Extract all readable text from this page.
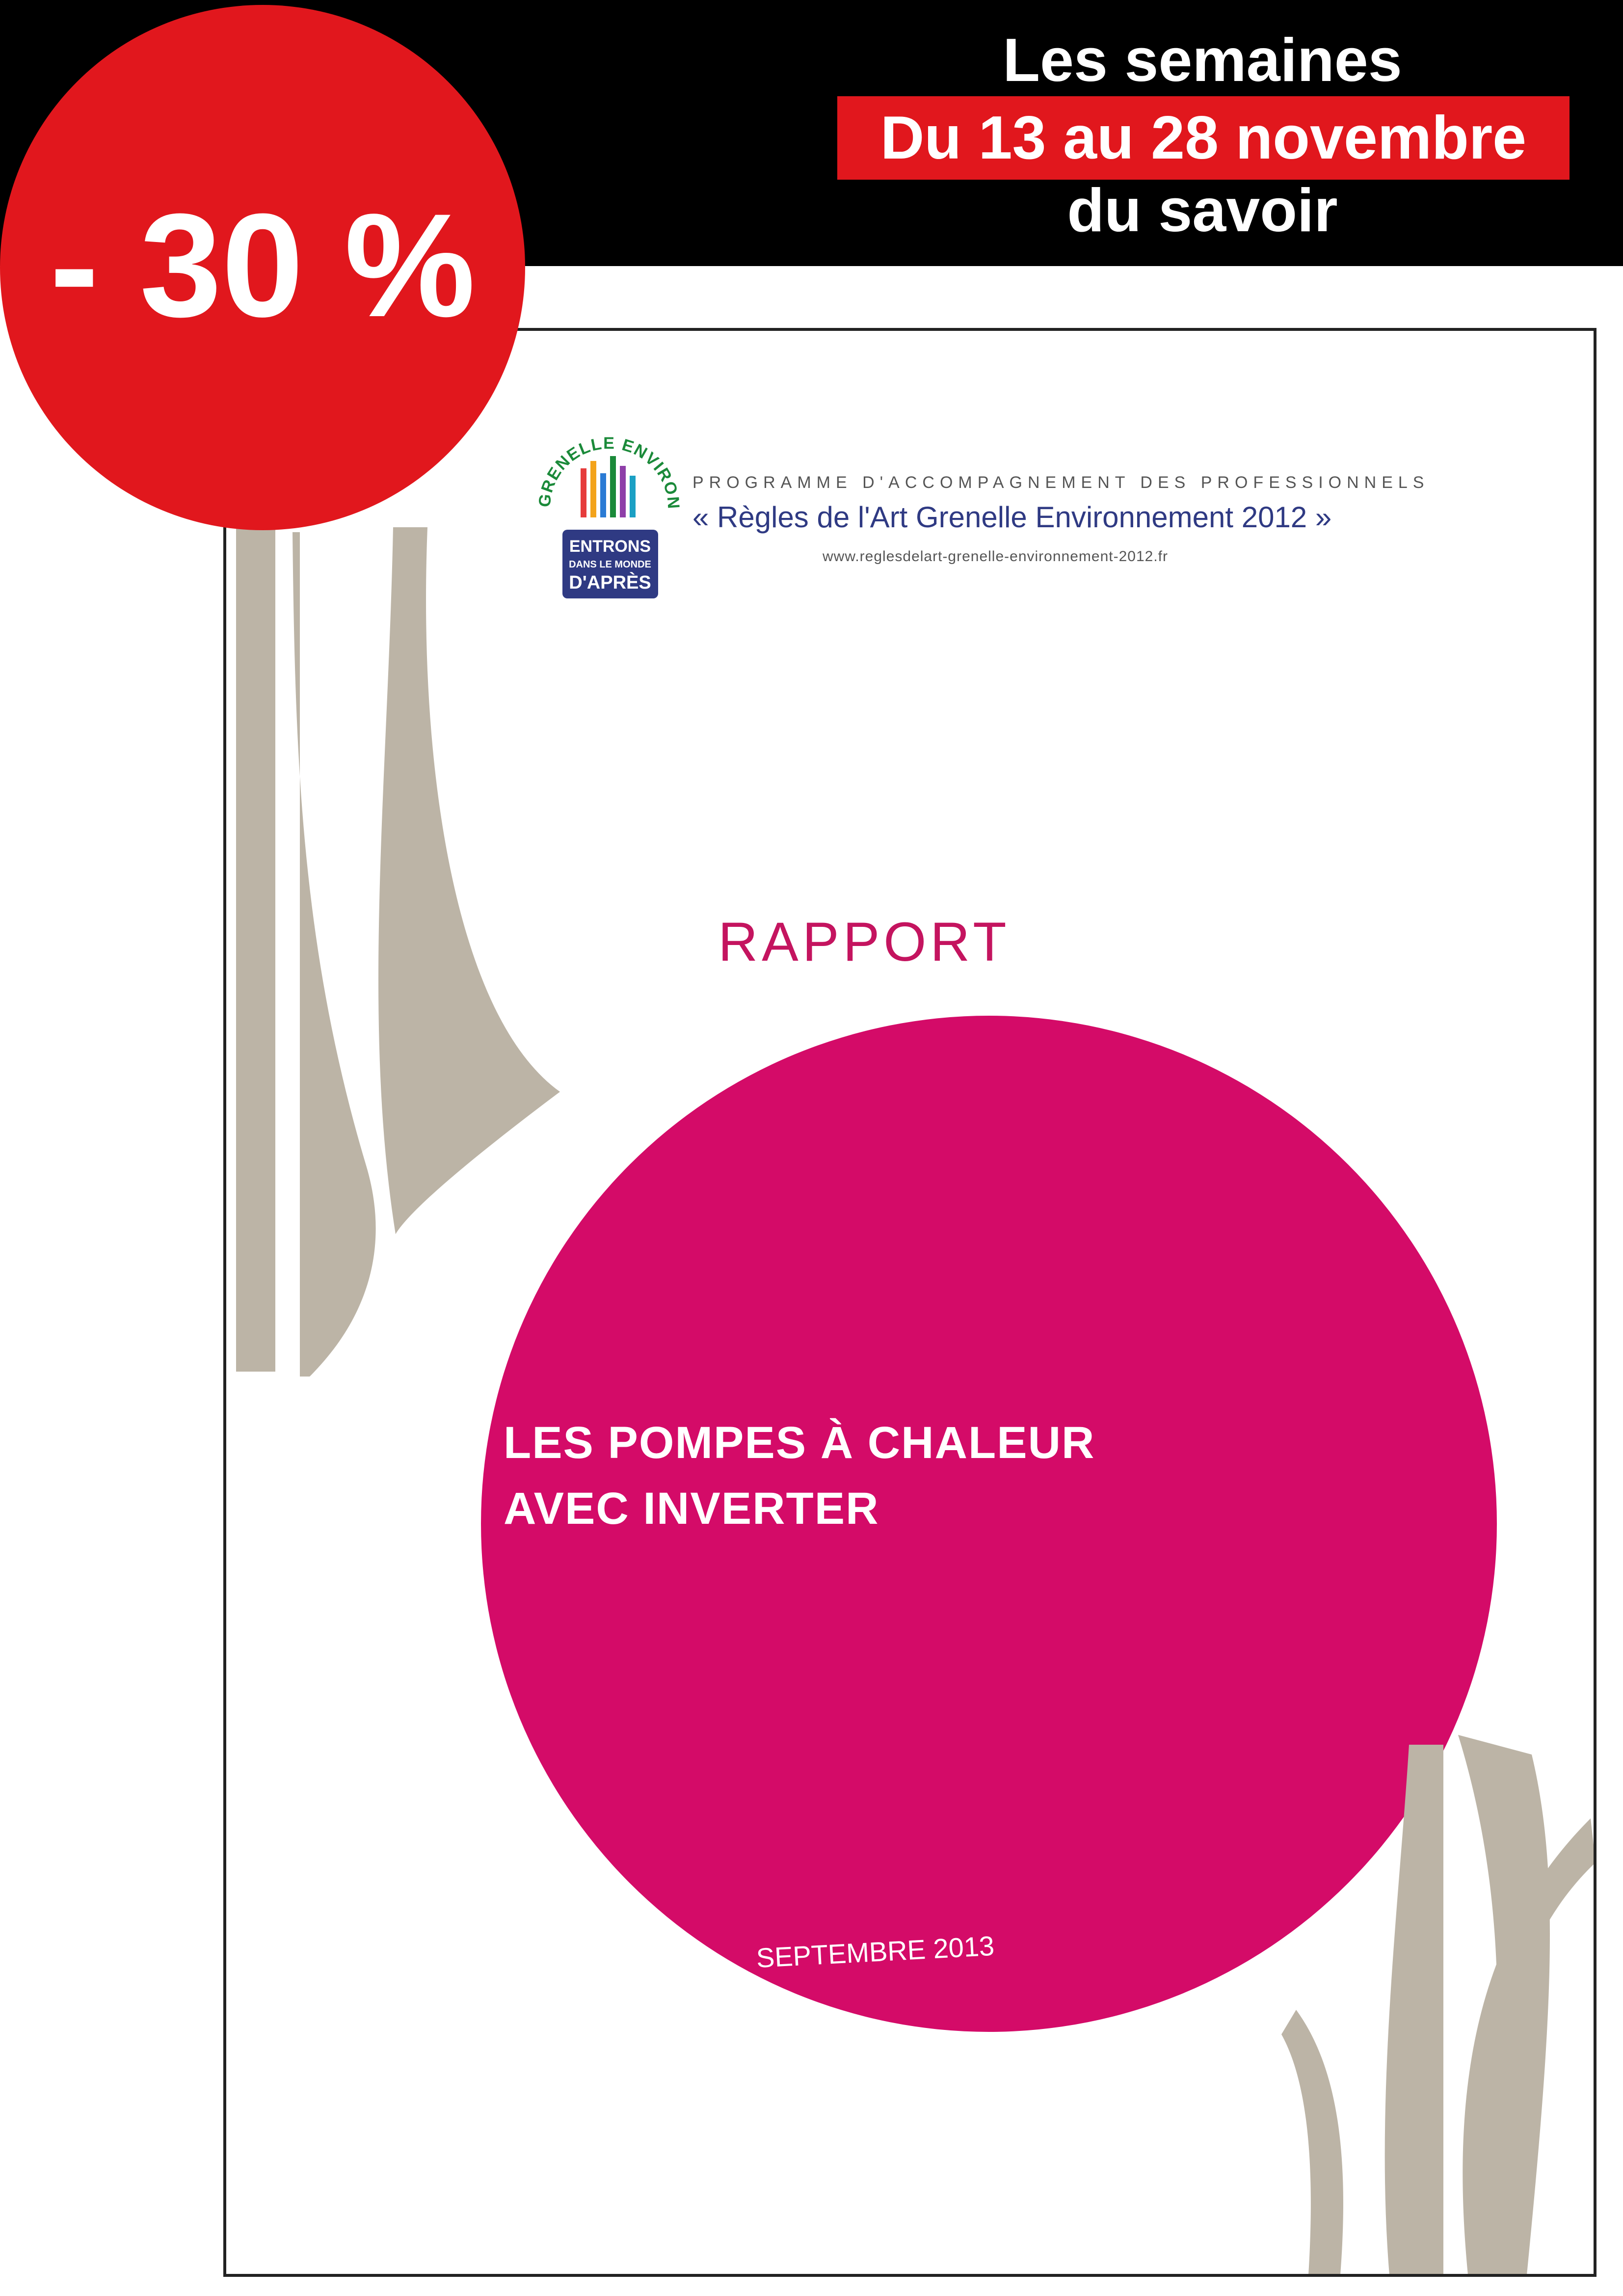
Les semaines
Du 13 au 28 novembre
du savoir
GRENELLE ENVIRON
ENTRONS
DANS LE MONDE
D'APRÈS
PROGRAMME D'ACCOMPAGNEMENT DES PROFESSIONNELS
« Règles de l'Art Grenelle Environnement 2012 »
www.reglesdelart-grenelle-environnement-2012.fr
RAPPORT
LES POMPES À CHALEUR
AVEC INVERTER
SEPTEMBRE 2013
- 30 %
